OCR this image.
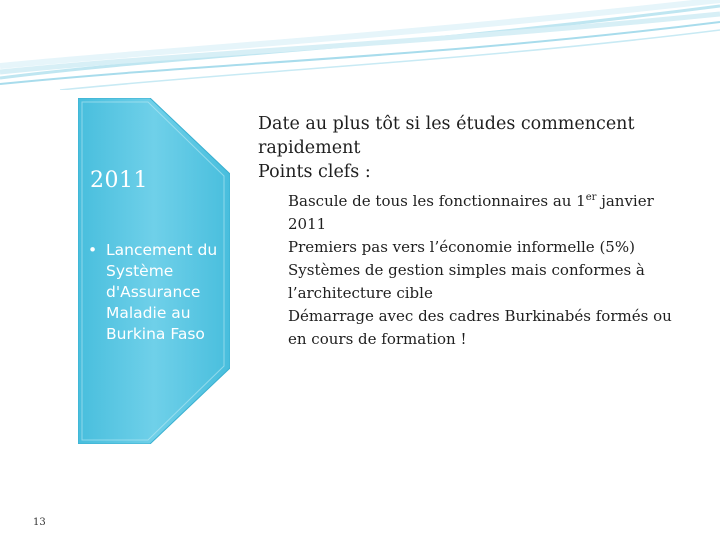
2011
• Lancement du Système d'Assurance Maladie au Burkina Faso
Date au plus tôt si les études commencent rapidement
Points clefs :
Bascule de tous les fonctionnaires au 1er janvier 2011
Premiers pas vers l’économie informelle (5%)
Systèmes de gestion simples mais conformes à l’architecture cible
Démarrage avec des cadres Burkinabés formés ou en cours de formation !
13
